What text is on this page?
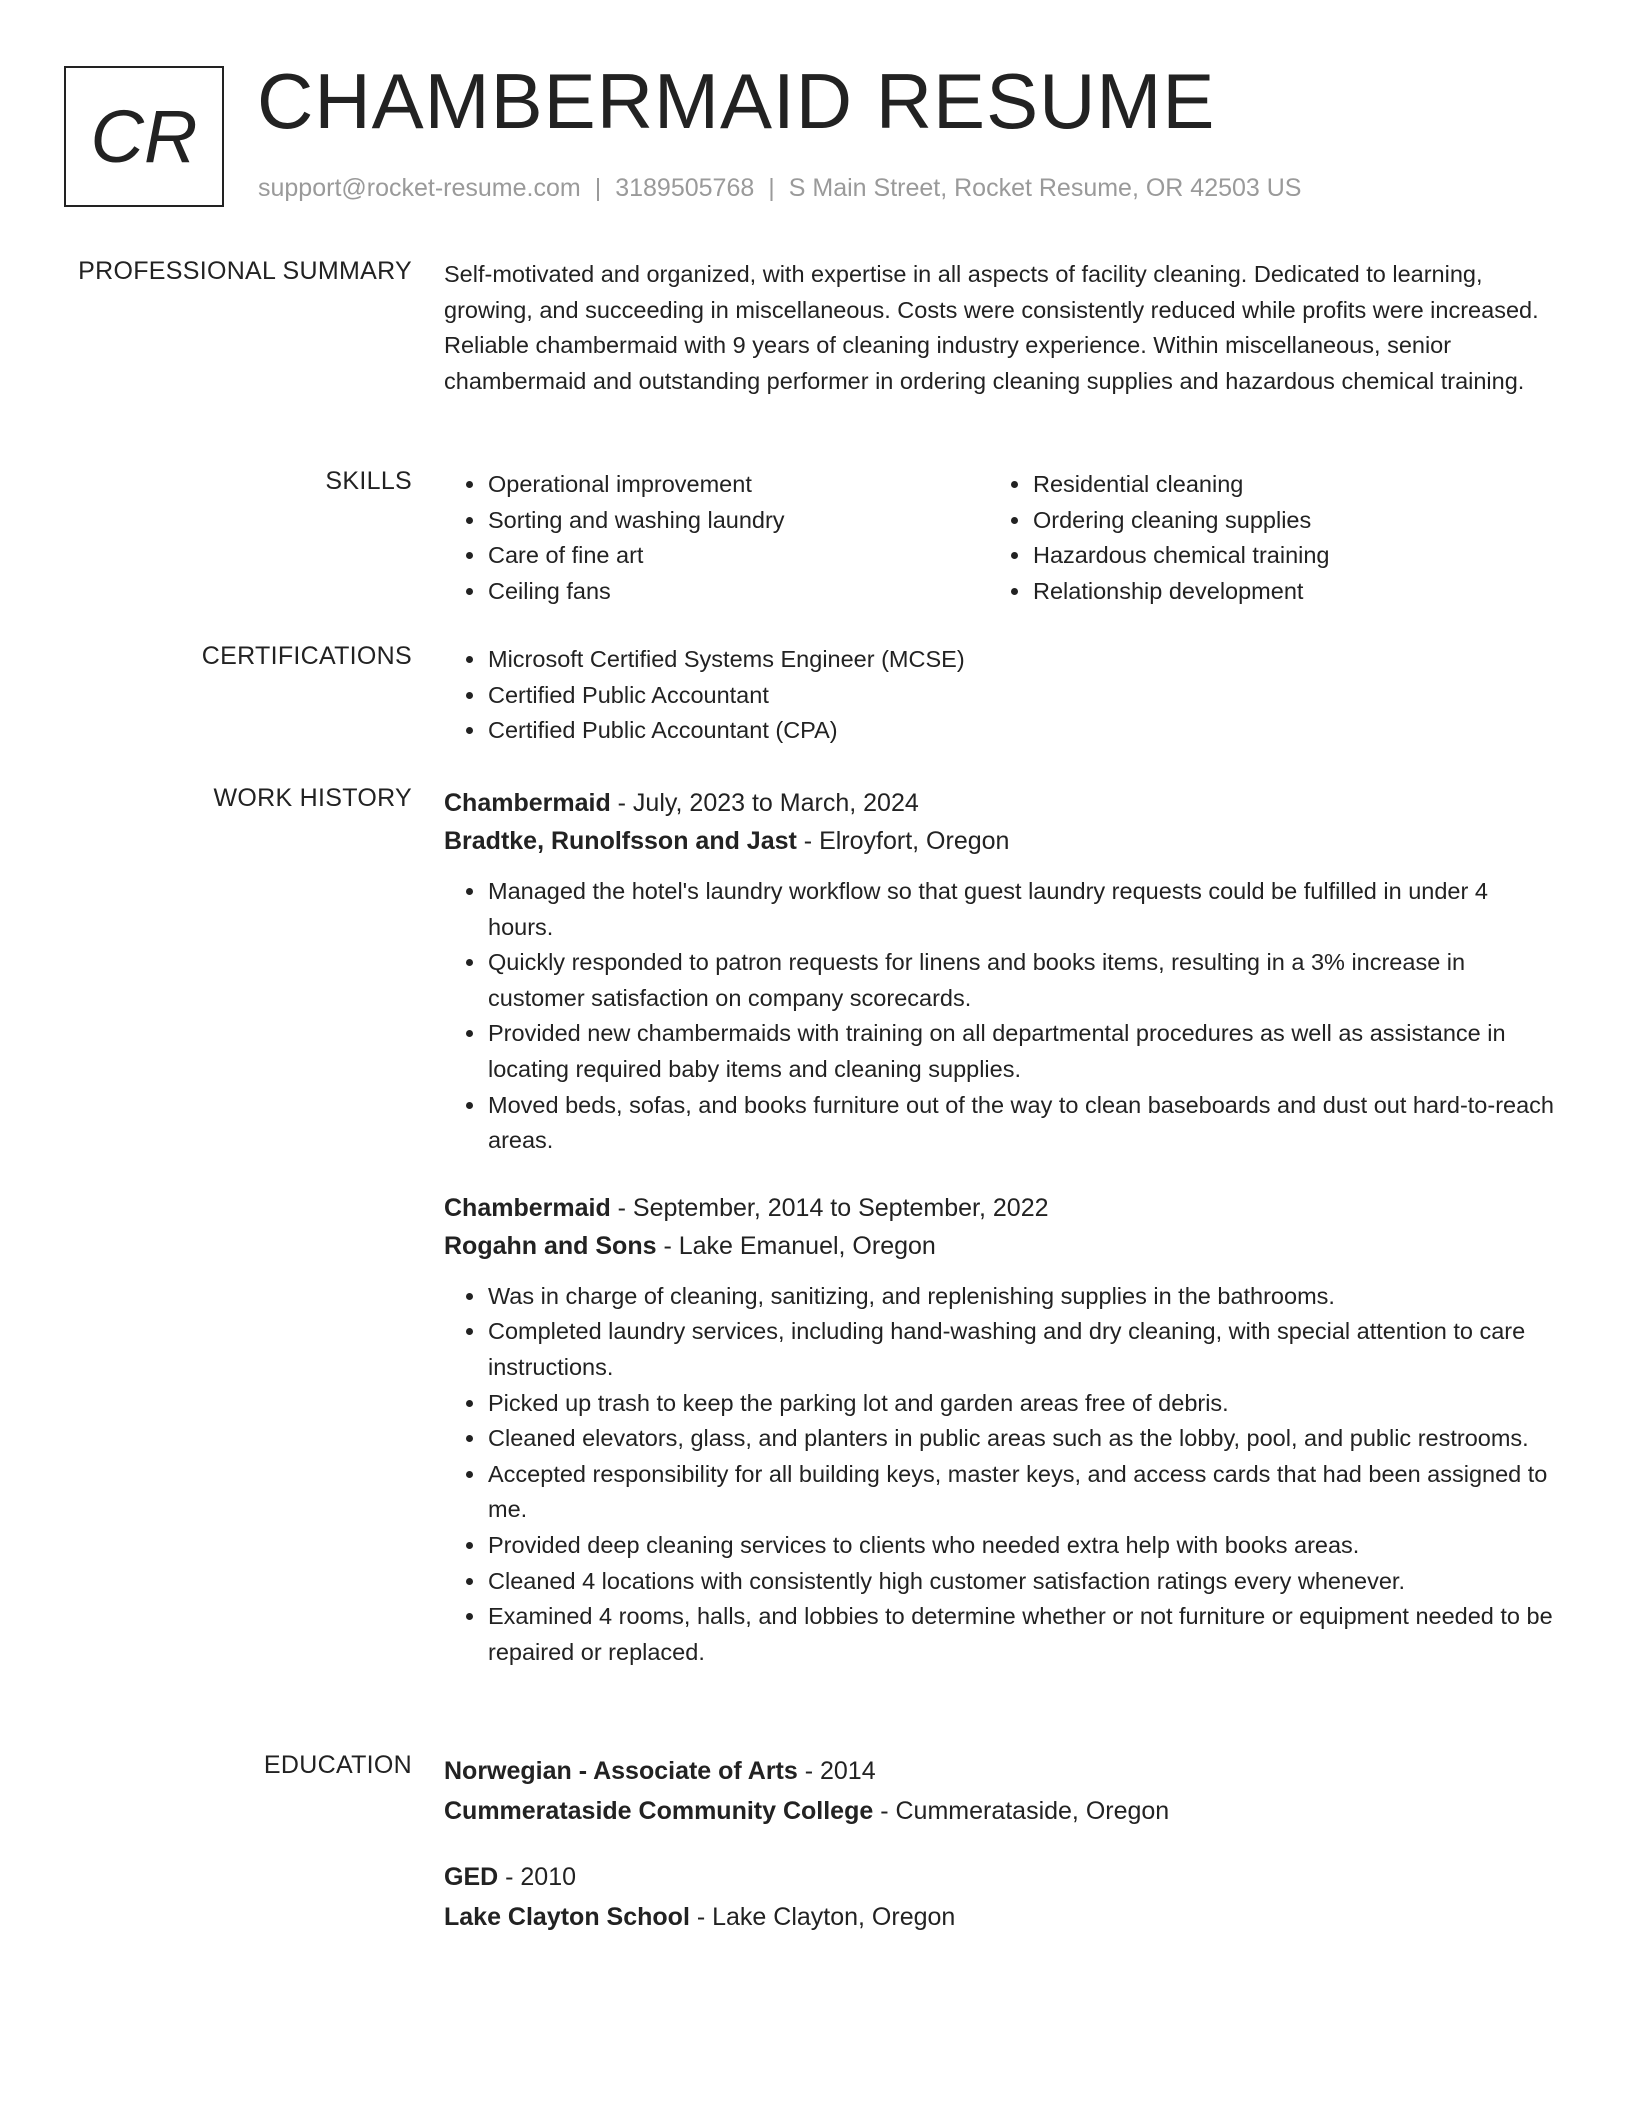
CR CHAMBERMAID RESUME
support@rocket-resume.com | 3189505768 | S Main Street, Rocket Resume, OR 42503 US
PROFESSIONAL SUMMARY Self-motivated and organized, with expertise in all aspects of facility cleaning. Dedicated to learning, growing, and succeeding in miscellaneous. Costs were consistently reduced while profits were increased. Reliable chambermaid with 9 years of cleaning industry experience. Within miscellaneous, senior chambermaid and outstanding performer in ordering cleaning supplies and hazardous chemical training.

SKILLS	• Operational improvement
• Sorting and washing laundry
• Care of fine art
• Ceiling fans
• Residential cleaning
• Ordering cleaning supplies
• Hazardous chemical training
• Relationship development
CERTIFICATIONS	• Microsoft Certified Systems Engineer (MCSE)
• Certified Public Accountant
• Certified Public Accountant (CPA)
WORK HISTORY Chambermaid - July, 2023 to March, 2024
Bradtke, Runolfsson and Jast - Elroyfort, Oregon
• Managed the hotel's laundry workflow so that guest laundry requests could be fulfilled in under 4 hours.
• Quickly responded to patron requests for linens and books items, resulting in a 3% increase in customer satisfaction on company scorecards.
• Provided new chambermaids with training on all departmental procedures as well as assistance in locating required baby items and cleaning supplies.
• Moved beds, sofas, and books furniture out of the way to clean baseboards and dust out hard-to-reach areas.
Chambermaid - September, 2014 to September, 2022
Rogahn and Sons - Lake Emanuel, Oregon
• Was in charge of cleaning, sanitizing, and replenishing supplies in the bathrooms.
• Completed laundry services, including hand-washing and dry cleaning, with special attention to care instructions.
• Picked up trash to keep the parking lot and garden areas free of debris.
• Cleaned elevators, glass, and planters in public areas such as the lobby, pool, and public restrooms.
• Accepted responsibility for all building keys, master keys, and access cards that had been assigned to me.
• Provided deep cleaning services to clients who needed extra help with books areas.
• Cleaned 4 locations with consistently high customer satisfaction ratings every whenever.
• Examined 4 rooms, halls, and lobbies to determine whether or not furniture or equipment needed to be repaired or replaced.
EDUCATION Norwegian - Associate of Arts - 2014
Cummerataside Community College - Cummerataside, Oregon
GED - 2010
Lake Clayton School - Lake Clayton, Oregon
